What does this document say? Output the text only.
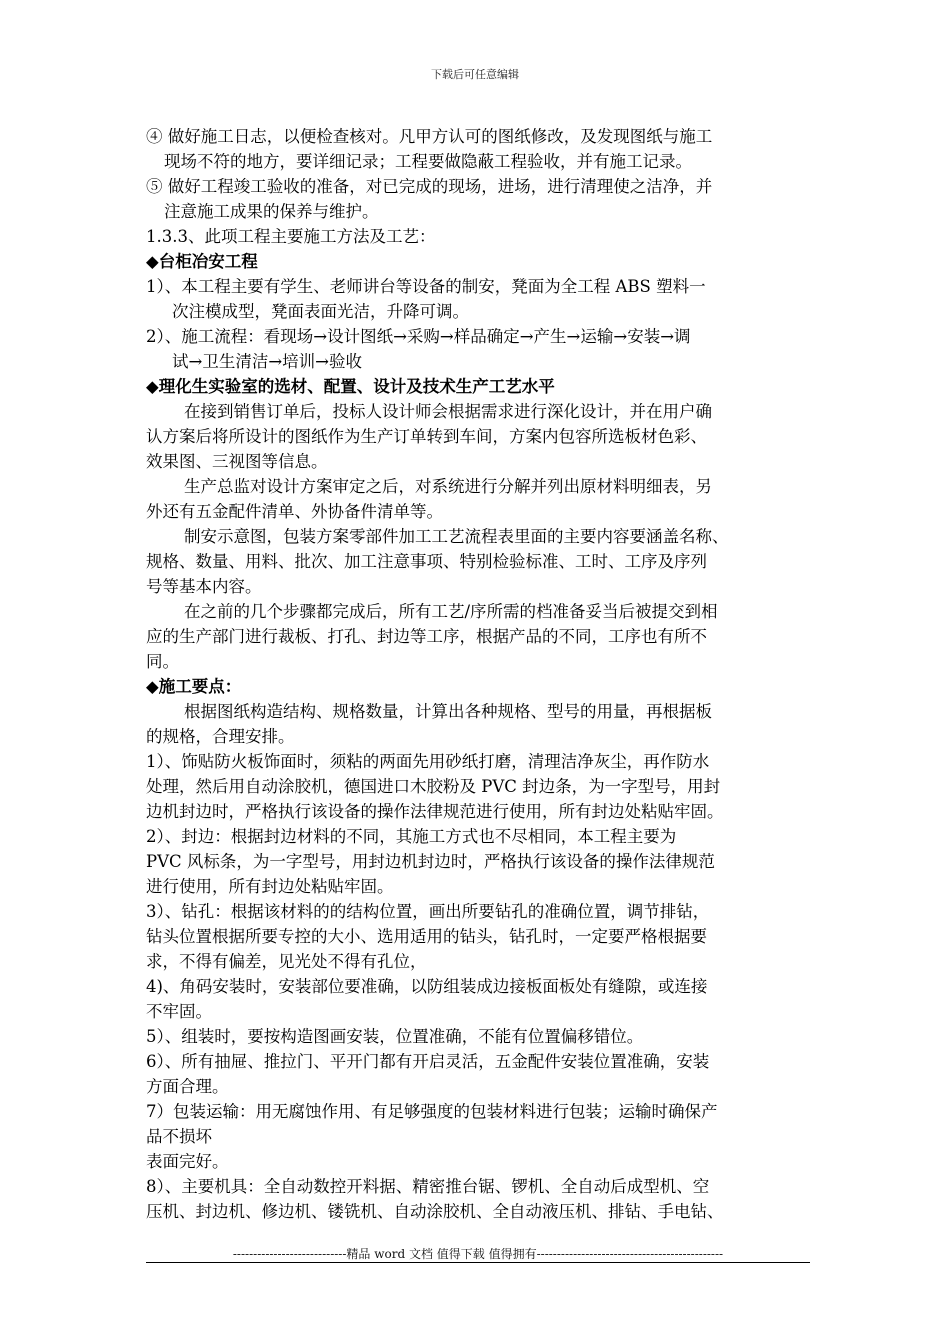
下载后可任意编辑
④ 做好施工日志，以便检查核对。凡甲方认可的图纸修改，及发现图纸与施工
现场不符的地方，要详细记录；工程要做隐蔽工程验收，并有施工记录。
⑤ 做好工程竣工验收的准备，对已完成的现场，进场，进行清理使之洁净，并
注意施工成果的保养与维护。
1.3.3、此项工程主要施工方法及工艺：
◆台柜冶安工程
1）、本工程主要有学生、老师讲台等设备的制安，凳面为全工程 ABS 塑料一
次注模成型，凳面表面光洁，升降可调。
2）、施工流程：看现场→设计图纸→采购→样品确定→产生→运输→安装→调
试→卫生清洁→培训→验收
◆理化生实验室的选材、配置、设计及技术生产工艺水平
在接到销售订单后，投标人设计师会根据需求进行深化设计，并在用户确
认方案后将所设计的图纸作为生产订单转到车间，方案内包容所选板材色彩、
效果图、三视图等信息。
生产总监对设计方案审定之后，对系统进行分解并列出原材料明细表，另
外还有五金配件清单、外协备件清单等。
制安示意图，包装方案零部件加工工艺流程表里面的主要内容要涵盖名称、
规格、数量、用料、批次、加工注意事项、特别检验标准、工时、工序及序列
号等基本内容。
在之前的几个步骤都完成后，所有工艺/序所需的档准备妥当后被提交到相
应的生产部门进行裁板、打孔、封边等工序，根据产品的不同，工序也有所不
同。
◆施工要点：
根据图纸构造结构、规格数量，计算出各种规格、型号的用量，再根据板
的规格，合理安排。
1）、饰贴防火板饰面时，须粘的两面先用砂纸打磨，清理洁净灰尘，再作防水
处理，然后用自动涂胶机，德国进口木胶粉及 PVC 封边条，为一字型号，用封
边机封边时，严格执行该设备的操作法律规范进行使用，所有封边处粘贴牢固。
2）、封边：根据封边材料的不同，其施工方式也不尽相同，本工程主要为
PVC 风标条，为一字型号，用封边机封边时，严格执行该设备的操作法律规范
进行使用，所有封边处粘贴牢固。
3）、钻孔：根据该材料的的结构位置，画出所要钻孔的准确位置，调节排钻，
钻头位置根据所要专控的大小、选用适用的钻头，钻孔时，一定要严格根据要
求，不得有偏差，见光处不得有孔位，
4)、角码安装时，安装部位要准确，以防组装成边接板面板处有缝隙，或连接
不牢固。
5）、组装时，要按构造图画安装，位置准确，不能有位置偏移错位。
6）、所有抽屉、推拉门、平开门都有开启灵活，五金配件安装位置准确，安装
方面合理。
7）包装运输：用无腐蚀作用、有足够强度的包装材料进行包装；运输时确保产
品不损坏
表面完好。
8）、主要机具：全自动数控开料据、精密推台锯、锣机、全自动后成型机、空
压机、封边机、修边机、镂铣机、自动涂胶机、全自动液压机、排钻、手电钻、
----------------------------精品 word 文档 值得下载 值得拥有----------------------------------------------
